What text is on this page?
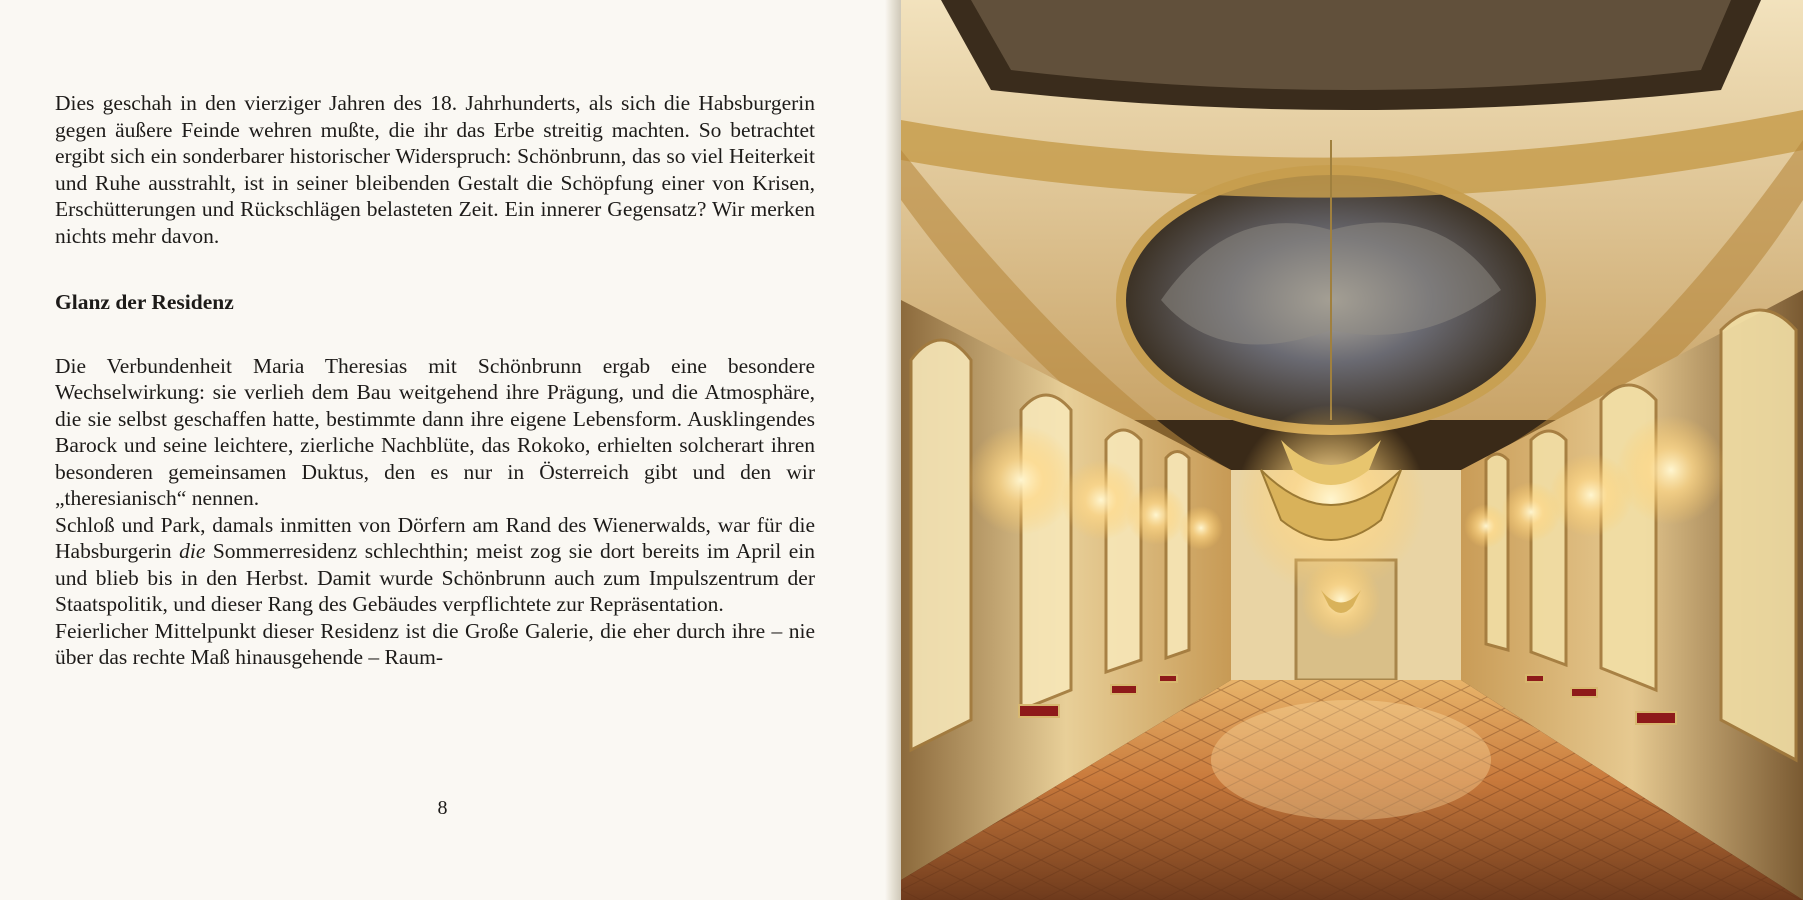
Dies geschah in den vierziger Jahren des 18. Jahrhunderts, als sich die Habsburgerin gegen äußere Feinde wehren mußte, die ihr das Erbe streitig machten. So betrachtet ergibt sich ein sonderbarer historischer Widerspruch: Schönbrunn, das so viel Heiterkeit und Ruhe ausstrahlt, ist in seiner bleibenden Gestalt die Schöpfung einer von Krisen, Erschütterungen und Rückschlägen belasteten Zeit. Ein innerer Gegensatz? Wir merken nichts mehr davon.

Glanz der Residenz

Die Verbundenheit Maria Theresias mit Schönbrunn ergab eine besondere Wechselwirkung: sie verlieh dem Bau weitgehend ihre Prägung, und die Atmosphäre, die sie selbst geschaffen hatte, bestimmte dann ihre eigene Lebensform. Ausklingendes Barock und seine leichtere, zierliche Nachblüte, das Rokoko, erhielten solcherart ihren besonderen gemeinsamen Duktus, den es nur in Österreich gibt und den wir „theresianisch“ nennen.

Schloß und Park, damals inmitten von Dörfern am Rand des Wienerwalds, war für die Habsburgerin die Sommerresidenz schlechthin; meist zog sie dort bereits im April ein und blieb bis in den Herbst. Damit wurde Schönbrunn auch zum Impulszentrum der Staatspolitik, und dieser Rang des Gebäudes verpflichtete zur Repräsentation.

Feierlicher Mittelpunkt dieser Residenz ist die Große Galerie, die eher durch ihre – nie über das rechte Maß hinausgehende – Raum-

8
